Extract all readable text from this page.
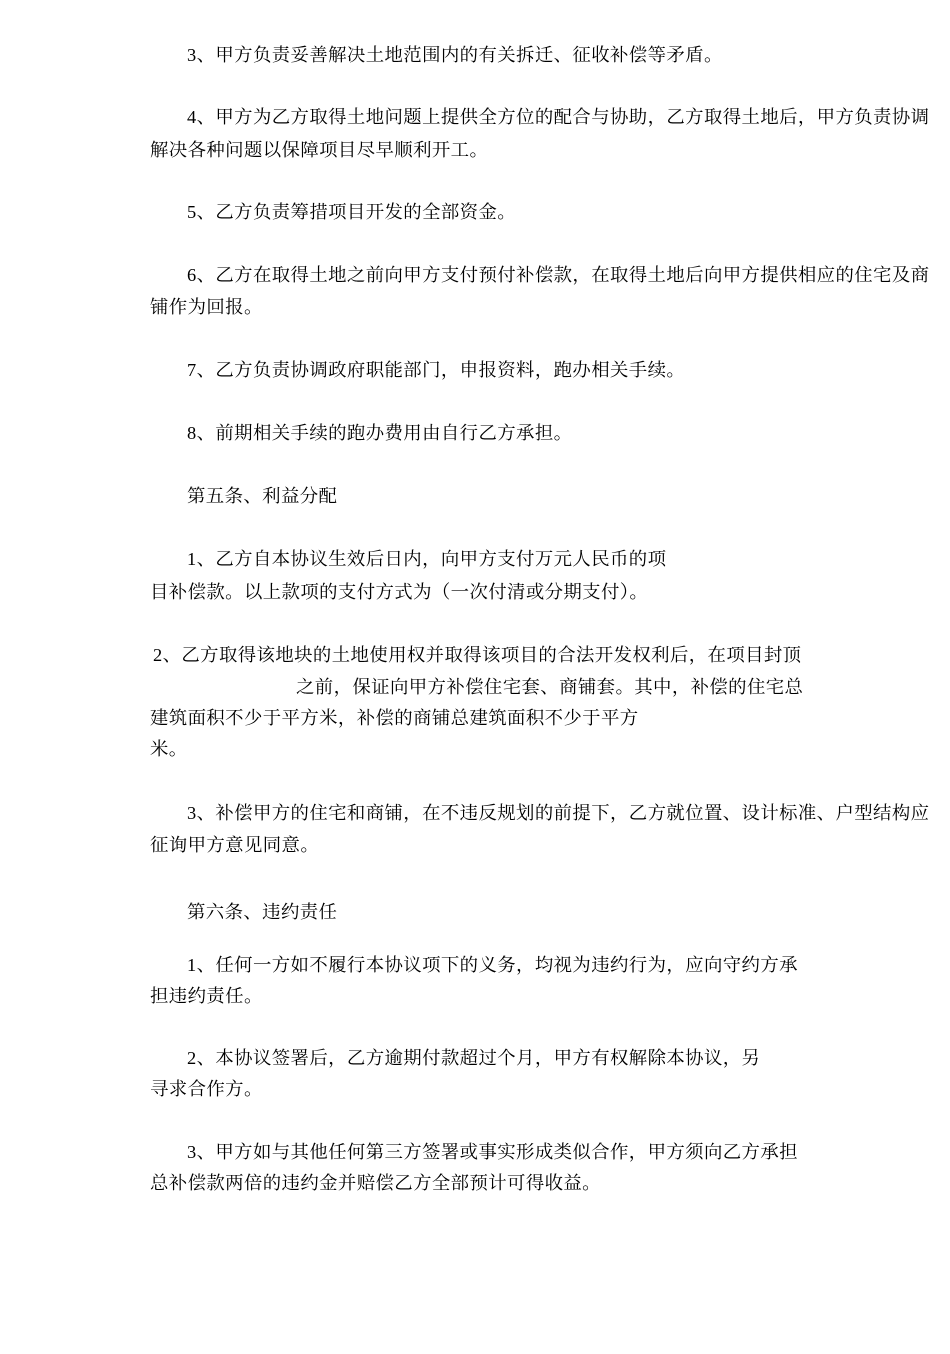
3、甲方负责妥善解决土地范围内的有关拆迁、征收补偿等矛盾。
4、甲方为乙方取得土地问题上提供全方位的配合与协助，乙方取得土地后，甲方负责协调
解决各种问题以保障项目尽早顺利开工。
5、乙方负责筹措项目开发的全部资金。
6、乙方在取得土地之前向甲方支付预付补偿款，在取得土地后向甲方提供相应的住宅及商
铺作为回报。
7、乙方负责协调政府职能部门，申报资料，跑办相关手续。
8、前期相关手续的跑办费用由自行乙方承担。
第五条、利益分配
1、乙方自本协议生效后日内，向甲方支付万元人民币的项
目补偿款。以上款项的支付方式为（一次付清或分期支付）。
2、乙方取得该地块的土地使用权并取得该项目的合法开发权利后，在项目封顶
之前，保证向甲方补偿住宅套、商铺套。其中，补偿的住宅总
建筑面积不少于平方米，补偿的商铺总建筑面积不少于平方
米。
3、补偿甲方的住宅和商铺，在不违反规划的前提下，乙方就位置、设计标准、户型结构应
征询甲方意见同意。
第六条、违约责任
1、任何一方如不履行本协议项下的义务，均视为违约行为，应向守约方承
担违约责任。
2、本协议签署后，乙方逾期付款超过个月，甲方有权解除本协议，另
寻求合作方。
3、甲方如与其他任何第三方签署或事实形成类似合作，甲方须向乙方承担
总补偿款两倍的违约金并赔偿乙方全部预计可得收益。
